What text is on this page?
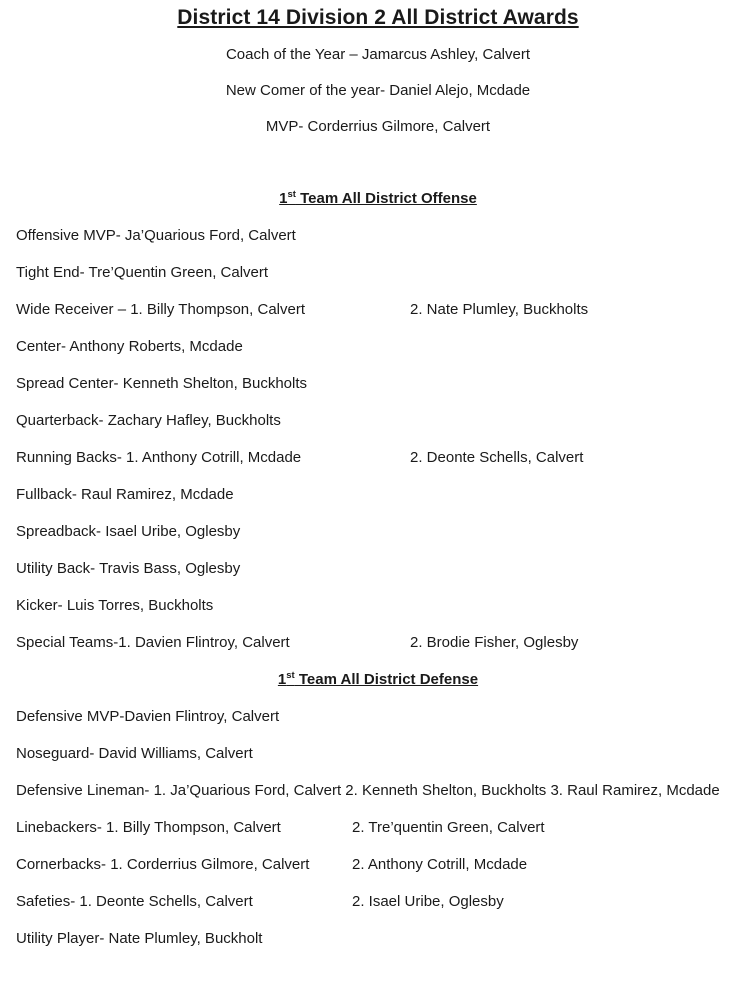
District 14 Division 2 All District Awards

Coach of the Year – Jamarcus Ashley, Calvert

New Comer of the year- Daniel Alejo, Mcdade

MVP- Corderrius Gilmore, Calvert

1st Team All District Offense

Offensive MVP- Ja’Quarious Ford, Calvert

Tight End- Tre’Quentin Green, Calvert

Wide Receiver – 1. Billy Thompson, Calvert	2. Nate Plumley, Buckholts

Center- Anthony Roberts, Mcdade

Spread Center- Kenneth Shelton, Buckholts

Quarterback- Zachary Hafley, Buckholts

Running Backs- 1. Anthony Cotrill, Mcdade	2. Deonte Schells, Calvert

Fullback- Raul Ramirez, Mcdade

Spreadback- Isael Uribe, Oglesby

Utility Back- Travis Bass, Oglesby

Kicker- Luis Torres, Buckholts

Special Teams-1. Davien Flintroy, Calvert	2. Brodie Fisher, Oglesby

1st Team All District Defense

Defensive MVP-Davien Flintroy, Calvert

Noseguard- David Williams, Calvert

Defensive Lineman- 1. Ja’Quarious Ford, Calvert 2. Kenneth Shelton, Buckholts 3. Raul Ramirez, Mcdade

Linebackers- 1. Billy Thompson, Calvert	2. Tre’quentin Green, Calvert

Cornerbacks- 1. Corderrius Gilmore, Calvert	2. Anthony Cotrill, Mcdade

Safeties- 1. Deonte Schells, Calvert	2. Isael Uribe, Oglesby

Utility Player- Nate Plumley, Buckholt
